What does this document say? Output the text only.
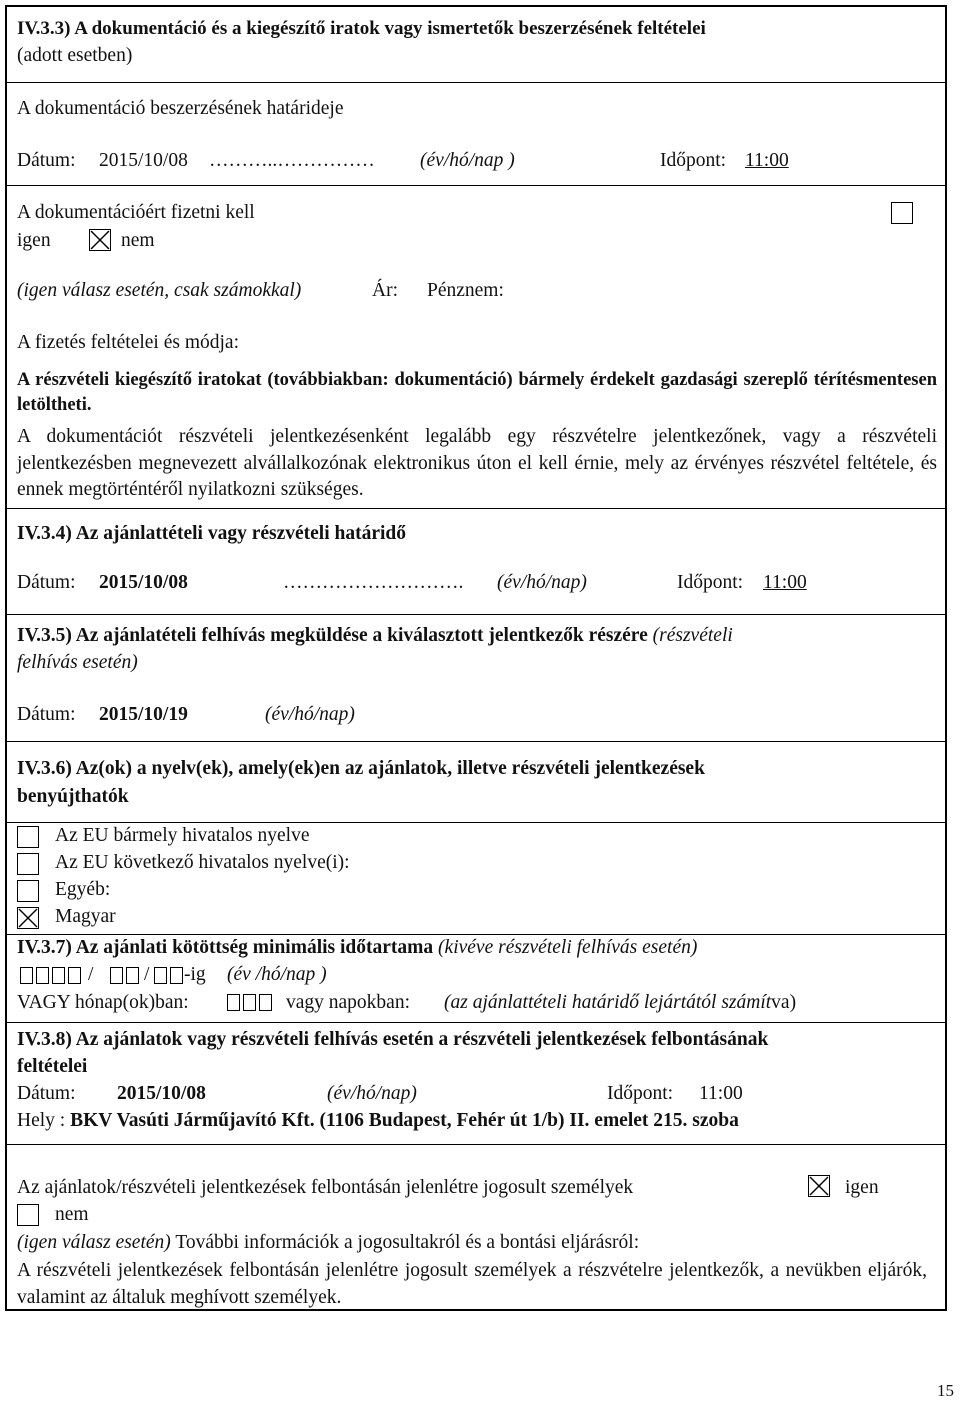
IV.3.3) A dokumentáció és a kiegészítő iratok vagy ismertetők beszerzésének feltételei
(adott esetben)
A dokumentáció beszerzésének határideje
Dátum: 2015/10/08 ………..…………… (év/hó/nap )	Időpont: 11:00
A dokumentációért fizetni kell
igen	nem
(igen válasz esetén, csak számokkal)	Ár: Pénznem:
A fizetés feltételei és módja:
A részvételi kiegészítő iratokat (továbbiakban: dokumentáció) bármely érdekelt gazdasági szereplő térítésmentesen letöltheti.
A dokumentációt részvételi jelentkezésenként legalább egy részvételre jelentkezőnek, vagy a részvételi jelentkezésben megnevezett alvállalkozónak elektronikus úton el kell érnie, mely az érvényes részvétel feltétele, és ennek megtörténtéről nyilatkozni szükséges.
IV.3.4) Az ajánlattételi vagy részvételi határidő
Dátum: 2015/10/08	………………………. (év/hó/nap)	Időpont: 11:00
IV.3.5) Az ajánlatételi felhívás megküldése a kiválasztott jelentkezők részére (részvételi
felhívás esetén)
Dátum: 2015/10/19	(év/hó/nap)
IV.3.6) Az(ok) a nyelv(ek), amely(ek)en az ajánlatok, illetve részvételi jelentkezések
benyújthatók
Az EU bármely hivatalos nyelve
Az EU következő hivatalos nyelve(i):
Egyéb:
Magyar
IV.3.7) Az ajánlati kötöttség minimális időtartama (kivéve részvételi felhívás esetén)
/	/ -ig (év /hó/nap )
VAGY hónap(ok)ban:	vagy napokban: (az ajánlattételi határidő lejártától számítva)
IV.3.8) Az ajánlatok vagy részvételi felhívás esetén a részvételi jelentkezések felbontásának
feltételei
Dátum: 2015/10/08	(év/hó/nap)	Időpont: 11:00
Hely : BKV Vasúti Járműjavító Kft. (1106 Budapest, Fehér út 1/b) II. emelet 215. szoba
Az ajánlatok/részvételi jelentkezések felbontásán jelenlétre jogosult személyek	igen
nem
(igen válasz esetén) További információk a jogosultakról és a bontási eljárásról:
A részvételi jelentkezések felbontásán jelenlétre jogosult személyek a részvételre jelentkezők, a nevükben eljárók, valamint az általuk meghívott személyek.
15
